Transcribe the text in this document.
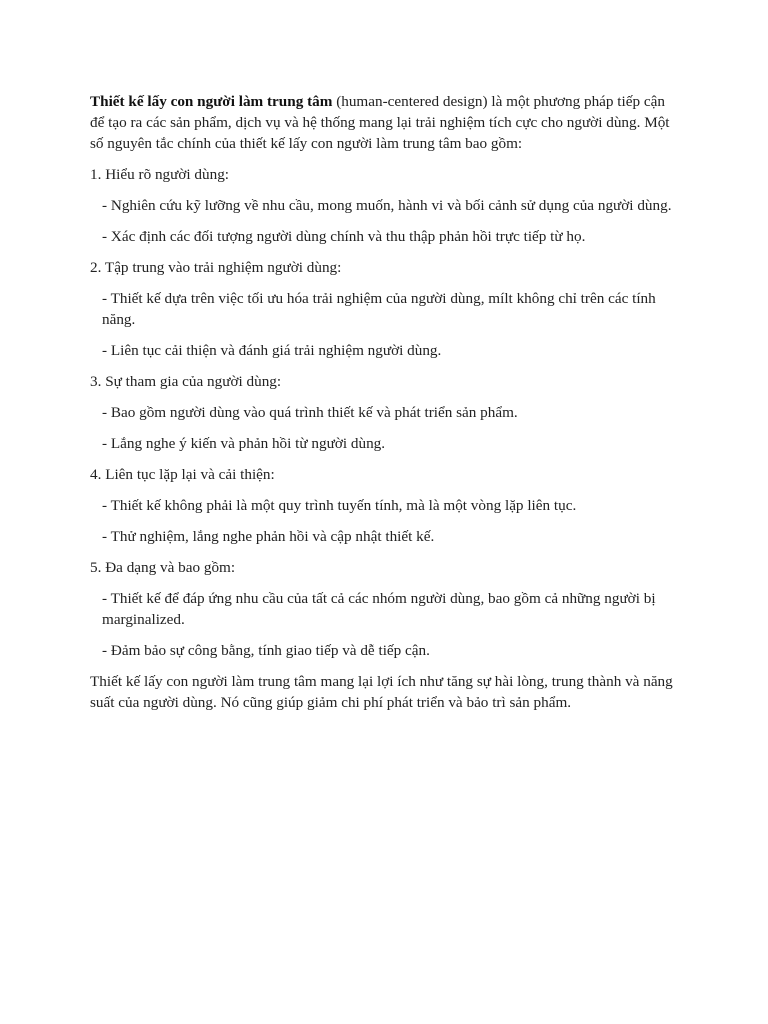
Thiết kế lấy con người làm trung tâm (human-centered design) là một phương pháp tiếp cận để tạo ra các sản phẩm, dịch vụ và hệ thống mang lại trải nghiệm tích cực cho người dùng. Một số nguyên tắc chính của thiết kế lấy con người làm trung tâm bao gồm:

1. Hiểu rõ người dùng:

- Nghiên cứu kỹ lưỡng về nhu cầu, mong muốn, hành vi và bối cảnh sử dụng của người dùng.

- Xác định các đối tượng người dùng chính và thu thập phản hồi trực tiếp từ họ.

2. Tập trung vào trải nghiệm người dùng:

- Thiết kế dựa trên việc tối ưu hóa trải nghiệm của người dùng, mílt không chỉ trên các tính năng.

- Liên tục cải thiện và đánh giá trải nghiệm người dùng.

3. Sự tham gia của người dùng:

- Bao gồm người dùng vào quá trình thiết kế và phát triển sản phẩm.

- Lắng nghe ý kiến và phản hồi từ người dùng.

4. Liên tục lặp lại và cải thiện:

- Thiết kế không phải là một quy trình tuyến tính, mà là một vòng lặp liên tục.

- Thử nghiệm, lắng nghe phản hồi và cập nhật thiết kế.

5. Đa dạng và bao gồm:

- Thiết kế để đáp ứng nhu cầu của tất cả các nhóm người dùng, bao gồm cả những người bị marginalized.

- Đảm bảo sự công bằng, tính giao tiếp và dễ tiếp cận.

Thiết kế lấy con người làm trung tâm mang lại lợi ích như tăng sự hài lòng, trung thành và năng suất của người dùng. Nó cũng giúp giảm chi phí phát triển và bảo trì sản phẩm.
